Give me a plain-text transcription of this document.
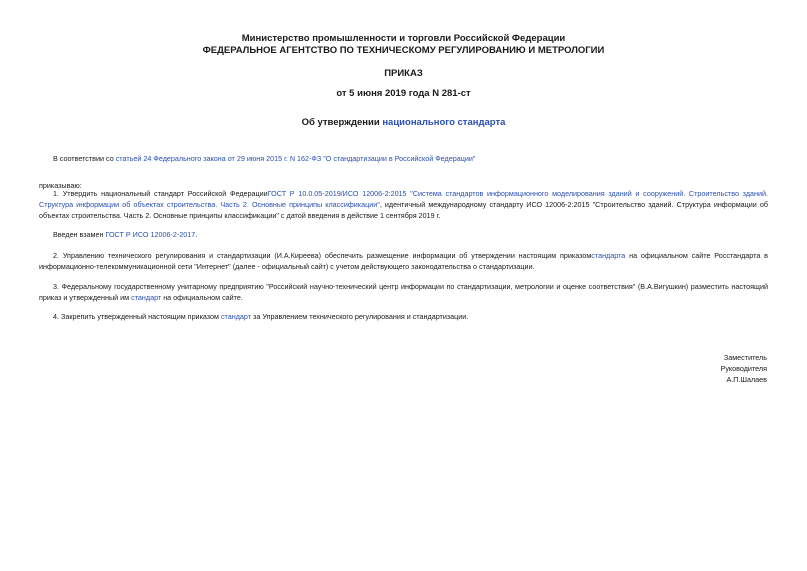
Министерство промышленности и торговли Российской Федерации
ФЕДЕРАЛЬНОЕ АГЕНТСТВО ПО ТЕХНИЧЕСКОМУ РЕГУЛИРОВАНИЮ И МЕТРОЛОГИИ
ПРИКАЗ
от 5 июня 2019 года N 281-ст
Об утверждении национального стандарта
В соответствии со статьей 24 Федерального закона от 29 июня 2015 г. N 162-ФЗ "О стандартизации в Российской Федерации"
приказываю:
1. Утвердить национальный стандарт Российской ФедерацииГОСТ Р 10.0.05-2019/ИСО 12006-2:2015 "Система стандартов информационного моделирования зданий и сооружений. Строительство зданий. Структура информации об объектах строительства. Часть 2. Основные принципы классификации", идентичный международному стандарту ИСО 12006-2:2015 "Строительство зданий. Структура информации об объектах строительства. Часть 2. Основные принципы классификации" с датой введения в действие 1 сентября 2019 г.
Введен взамен ГОСТ Р ИСО 12006-2-2017.
2. Управлению технического регулирования и стандартизации (И.А.Киреева) обеспечить размещение информации об утверждении настоящим приказомстандарта на официальном сайте Росстандарта в информационно-телекоммуникационной сети "Интернет" (далее - официальный сайт) с учетом действующего законодательства о стандартизации.
3. Федеральному государственному унитарному предприятию "Российский научно-технический центр информации по стандартизации, метрологии и оценке соответствия" (В.А.Вигушкин) разместить настоящий приказ и утвержденный им стандарт на официальном сайте.
4. Закрепить утвержденный настоящим приказом стандарт за Управлением технического регулирования и стандартизации.
Заместитель
Руководителя
А.П.Шалаев
